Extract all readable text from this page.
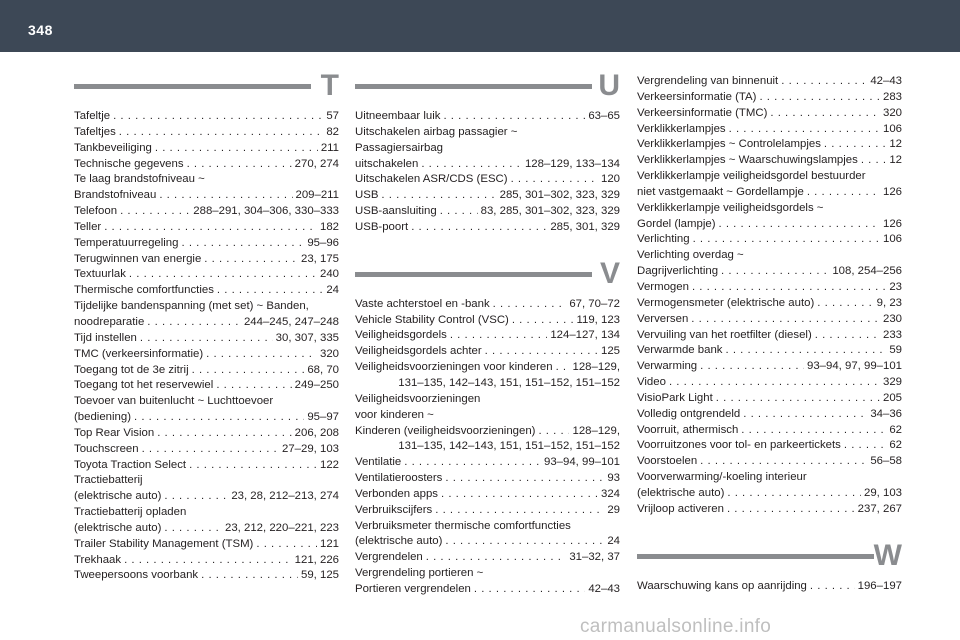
348
T
Tafeltje . . .	57
Tafeltjes . . .	82
Tankbeveiliging . . .	211
Technische gegevens . . .	270, 274
Te laag brandstofniveau ~
Brandstofniveau . . .	209–211
Telefoon . . .	288–291, 304–306, 330–333
Teller . . .	182
Temperatuurregeling . . .	95–96
Terugwinnen van energie . . .	23, 175
Textuurlak . . .	240
Thermische comfortfuncties . . .	24
Tijdelijke bandenspanning (met set) ~ Banden,
noodreparatie . . .	244–245, 247–248
Tijd instellen . . .	30, 307, 335
TMC (verkeersinformatie) . . .	320
Toegang tot de 3e zitrij . . .	68, 70
Toegang tot het reservewiel . . .	249–250
Toevoer van buitenlucht ~ Luchttoevoer
(bediening) . . .	95–97
Top Rear Vision . . .	206, 208
Touchscreen . . .	27–29, 103
Toyota Traction Select . . .	122
Tractiebatterij
(elektrische auto) . . .	23, 28, 212–213, 274
Tractiebatterij opladen
(elektrische auto) . . .	23, 212, 220–221, 223
Trailer Stability Management (TSM) . . .	121
Trekhaak . . .	121, 226
Tweepersoons voorbank . . .	59, 125
U
Uitneembaar luik . . .	63–65
Uitschakelen airbag passagier ~
Passagiersairbag
uitschakelen . . .	128–129, 133–134
Uitschakelen ASR/CDS (ESC) . . .	120
USB . . .	285, 301–302, 323, 329
USB-aansluiting . . .	83, 285, 301–302, 323, 329
USB-poort . . .	285, 301, 329
V
Vaste achterstoel en -bank . . .	67, 70–72
Vehicle Stability Control (VSC) . . .	119, 123
Veiligheidsgordels . . .	124–127, 134
Veiligheidsgordels achter . . .	125
Veiligheidsvoorzieningen voor kinderen . . . 128–129,
131–135, 142–143, 151, 151–152, 151–152
Veiligheidsvoorzieningen
voor kinderen ~
Kinderen (veiligheidsvoorzieningen) . . .	128–129,
131–135, 142–143, 151, 151–152, 151–152
Ventilatie . . .	93–94, 99–101
Ventilatieroosters . . .	93
Verbonden apps . . .	324
Verbruikscijfers . . .	29
Verbruiksmeter thermische comfortfuncties
(elektrische auto) . . .	24
Vergrendelen . . .	31–32, 37
Vergrendeling portieren ~
Portieren vergrendelen . . .	42–43
Vergrendeling van binnenuit . . .	42–43
Verkeersinformatie (TA) . . .	283
Verkeersinformatie (TMC) . . .	320
Verklikkerlampjes . . .	106
Verklikkerlampjes ~ Controlelampjes . . .	12
Verklikkerlampjes ~ Waarschuwingslampjes . . .	12
Verklikkerlampje veiligheidsgordel bestuurder
niet vastgemaakt ~ Gordellampje . . .	126
Verklikkerlampje veiligheidsgordels ~
Gordel (lampje) . . .	126
Verlichting . . .	106
Verlichting overdag ~
Dagrijverlichting . . .	108, 254–256
Vermogen . . .	23
Vermogensmeter (elektrische auto) . . .	9, 23
Verversen . . .	230
Vervuiling van het roetfilter (diesel) . . .	233
Verwarmde bank . . .	59
Verwarming . . .	93–94, 97, 99–101
Video . . .	329
VisioPark Light . . .	205
Volledig ontgrendeld . . .	34–36
Voorruit, athermisch . . .	62
Voorruitzones voor tol- en parkeertickets . . .	62
Voorstoelen . . .	56–58
Voorverwarming/-koeling interieur
(elektrische auto) . . .	29, 103
Vrijloop activeren . . .	237, 267
W
Waarschuwing kans op aanrijding . . .	196–197
carmanualsonline.info
